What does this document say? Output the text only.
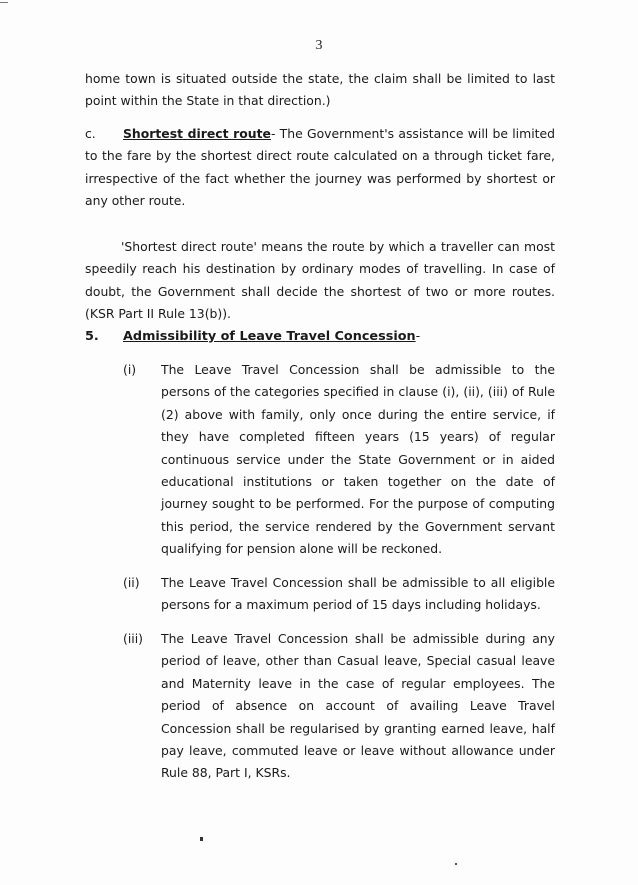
3

home town is situated outside the state, the claim shall be limited to last point within the State in that direction.)

c.	Shortest direct route- The Government's assistance will be limited to the fare by the shortest direct route calculated on a through ticket fare, irrespective of the fact whether the journey was performed by shortest or any other route.

'Shortest direct route' means the route by which a traveller can most speedily reach his destination by ordinary modes of travelling. In case of doubt, the Government shall decide the shortest of two or more routes. (KSR Part II Rule 13(b)).

5. Admissibility of Leave Travel Concession-
(i) The Leave Travel Concession shall be admissible to the persons of the categories specified in clause (i), (ii), (iii) of Rule (2) above with family, only once during the entire service, if they have completed fifteen years (15 years) of regular continuous service under the State Government or in aided educational institutions or taken together on the date of journey sought to be performed. For the purpose of computing this period, the service rendered by the Government servant qualifying for pension alone will be reckoned.

(ii) The Leave Travel Concession shall be admissible to all eligible persons for a maximum period of 15 days including holidays.

(iii) The Leave Travel Concession shall be admissible during any period of leave, other than Casual leave, Special casual leave and Maternity leave in the case of regular employees. The period of absence on account of availing Leave Travel Concession shall be regularised by granting earned leave, half pay leave, commuted leave or leave without allowance under Rule 88, Part I, KSRs.
